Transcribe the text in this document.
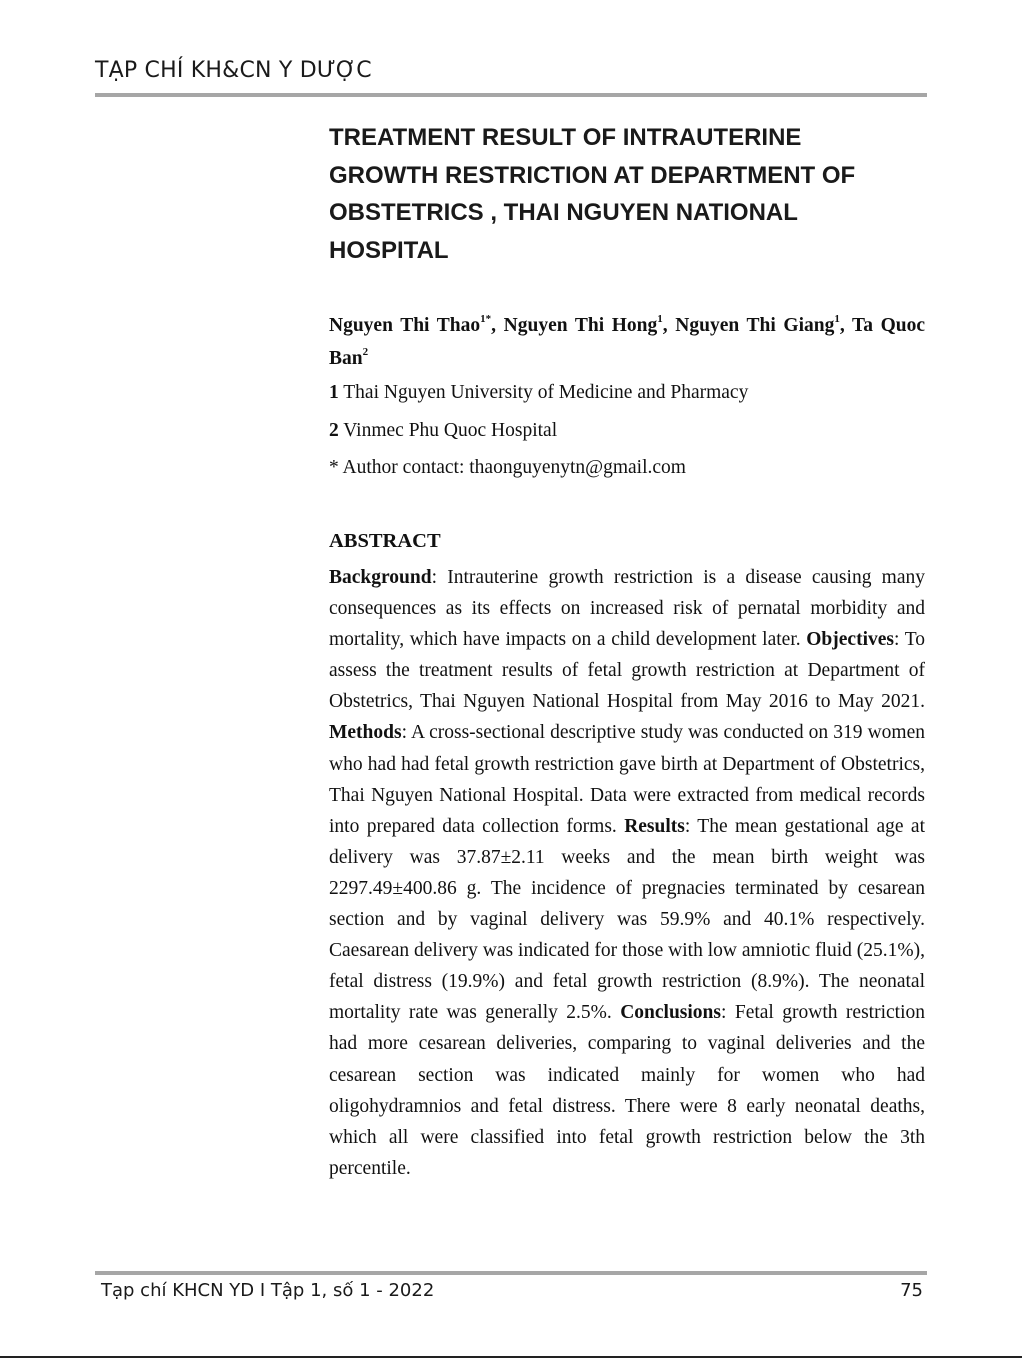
TẠP CHÍ KH&CN Y DƯỢC
TREATMENT RESULT OF INTRAUTERINE
GROWTH RESTRICTION AT DEPARTMENT OF
OBSTETRICS , THAI NGUYEN NATIONAL
HOSPITAL
Nguyen Thi Thao$^{1*}$, Nguyen Thi Hong$^1$, Nguyen Thi Giang$^1$, Ta Quoc Ban$^2$
1 Thai Nguyen University of Medicine and Pharmacy
2 Vinmec Phu Quoc Hospital
* Author contact: thaonguyenytn@gmail.com
ABSTRACT

Background: Intrauterine growth restriction is a disease causing many consequences as its effects on increased risk of pernatal morbidity and mortality, which have impacts on a child development later. Objectives: To assess the treatment results of fetal growth restriction at Department of Obstetrics, Thai Nguyen National Hospital from May 2016 to May 2021. Methods: A cross-sectional descriptive study was conducted on 319 women who had had fetal growth restriction gave birth at Department of Obstetrics, Thai Nguyen National Hospital. Data were extracted from medical records into prepared data collection forms. Results: The mean gestational age at delivery was 37.87±2.11 weeks and the mean birth weight was 2297.49±400.86 g. The incidence of pregnacies terminated by cesarean section and by vaginal delivery was 59.9% and 40.1% respectively. Caesarean delivery was indicated for those with low amniotic fluid (25.1%), fetal distress (19.9%) and fetal growth restriction (8.9%). The neonatal mortality rate was generally 2.5%. Conclusions: Fetal growth restriction had more cesarean deliveries, comparing to vaginal deliveries and the cesarean section was indicated mainly for women who had oligohydramnios and fetal distress. There were 8 early neonatal deaths, which all were classified into fetal growth restriction below the 3th percentile.

Tạp chí KHCN YD I Tập 1, số 1 - 2022	75
